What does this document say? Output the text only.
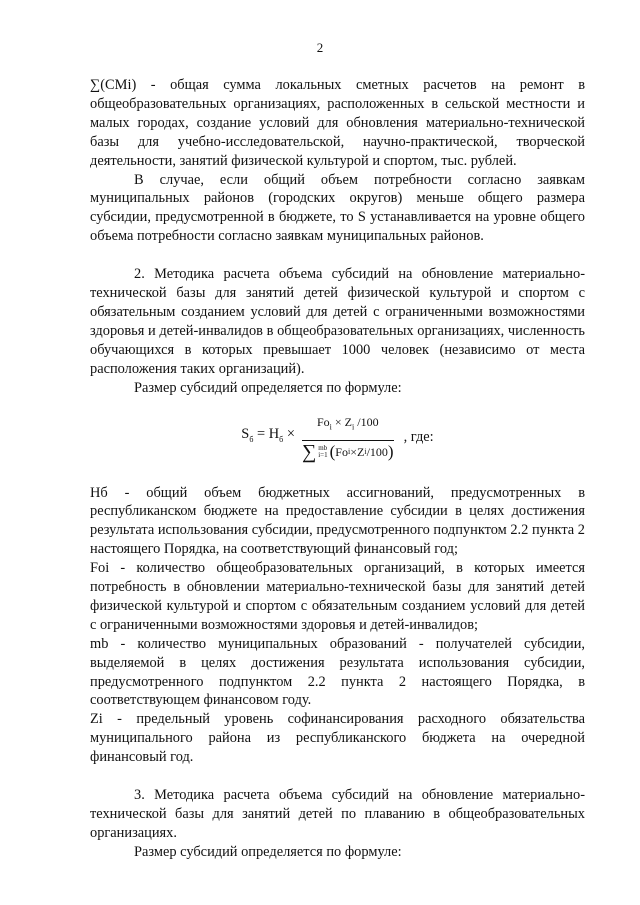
2

∑(СМi) - общая сумма локальных сметных расчетов на ремонт в общеобразовательных организациях, расположенных в сельской местности и малых городах, создание условий для обновления материально-технической базы для учебно-исследовательской, научно-практической, творческой деятельности, занятий физической культурой и спортом, тыс. рублей.

В случае, если общий объем потребности согласно заявкам муниципальных районов (городских округов) меньше общего размера субсидии, предусмотренной в бюджете, то S устанавливается на уровне общего объема потребности согласно заявкам муниципальных районов.

2. Методика расчета объема субсидий на обновление материально-технической базы для занятий детей физической культурой и спортом с обязательным созданием условий для детей с ограниченными возможностями здоровья и детей-инвалидов в общеобразовательных организациях, численность обучающихся в которых превышает 1000 человек (независимо от места расположения таких организаций).

Размер субсидий определяется по формуле:

$S_б = Н_б$ ×
$Fo_i \times Z_i$ /100
∑ mb
i=1 ( Fo i × Z i /100 )
, где:

Нб - общий объем бюджетных ассигнований, предусмотренных в республиканском бюджете на предоставление субсидии в целях достижения результата использования субсидии, предусмотренного подпунктом 2.2 пункта 2 настоящего Порядка, на соответствующий финансовый год;

Foi - количество общеобразовательных организаций, в которых имеется потребность в обновлении материально-технической базы для занятий детей физической культурой и спортом с обязательным созданием условий для детей с ограниченными возможностями здоровья и детей-инвалидов;

mb - количество муниципальных образований - получателей субсидии, выделяемой в целях достижения результата использования субсидии, предусмотренного подпунктом 2.2 пункта 2 настоящего Порядка, в соответствующем финансовом году.

Zi - предельный уровень софинансирования расходного обязательства муниципального района из республиканского бюджета на очередной финансовый год.

3. Методика расчета объема субсидий на обновление материально-технической базы для занятий детей по плаванию в общеобразовательных организациях.

Размер субсидий определяется по формуле:
